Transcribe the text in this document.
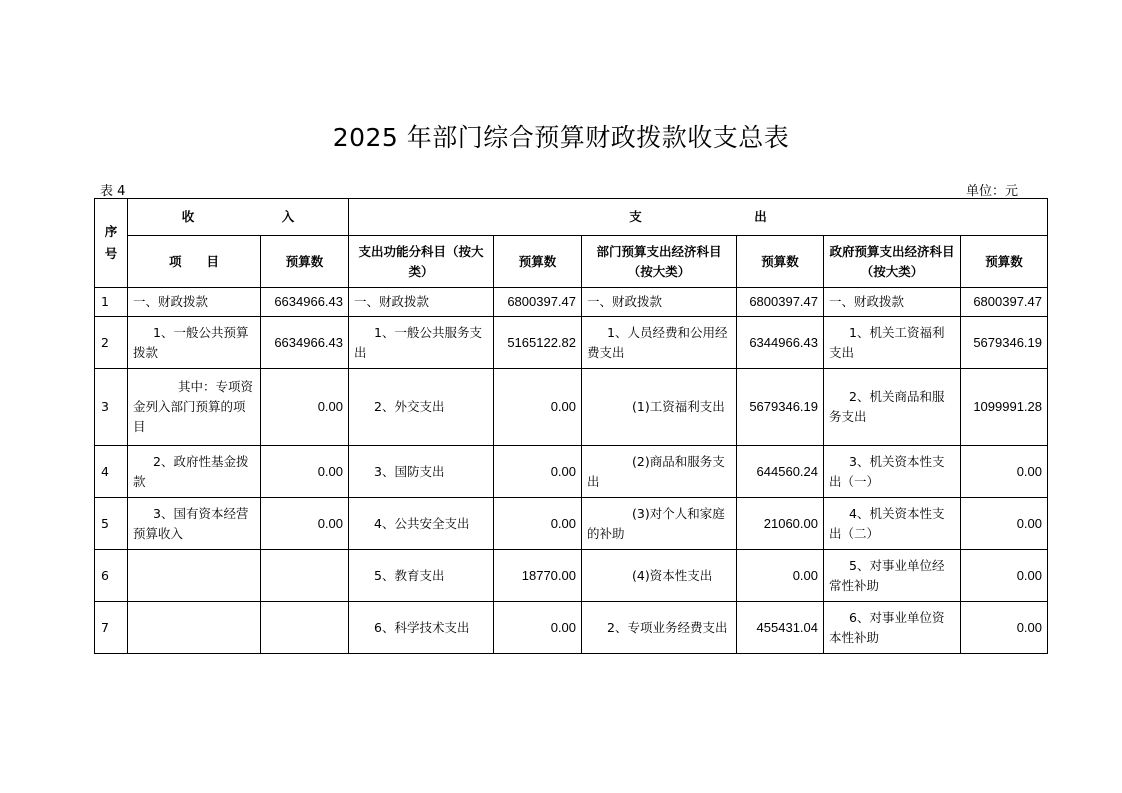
2025 年部门综合预算财政拨款收支总表
表 4	单位：元
序号	收　　　　　　　入		支　　　　　　　　　出					
	项　　目	预算数	支出功能分科目（按大类）	预算数	部门预算支出经济科目（按大类）	预算数	政府预算支出经济科目（按大类）	预算数
1	一、财政拨款	6634966.43	一、财政拨款	6800397.47	一、财政拨款	6800397.47	一、财政拨款	6800397.47
2	1、一般公共预算拨款	6634966.43	1、一般公共服务支出	5165122.82	1、人员经费和公用经费支出	6344966.43	1、机关工资福利支出	5679346.19
3	其中：专项资金列入部门预算的项目	0.00	2、外交支出	0.00	(1)工资福利支出	5679346.19	2、机关商品和服务支出	1099991.28
4	2、政府性基金拨款	0.00	3、国防支出	0.00	(2)商品和服务支出	644560.24	3、机关资本性支出（一）	0.00
5	3、国有资本经营预算收入	0.00	4、公共安全支出	0.00	(3)对个人和家庭的补助	21060.00	4、机关资本性支出（二）	0.00
6			5、教育支出	18770.00	(4)资本性支出	0.00	5、对事业单位经常性补助	0.00
7			6、科学技术支出	0.00	2、专项业务经费支出	455431.04	6、对事业单位资本性补助	0.00
